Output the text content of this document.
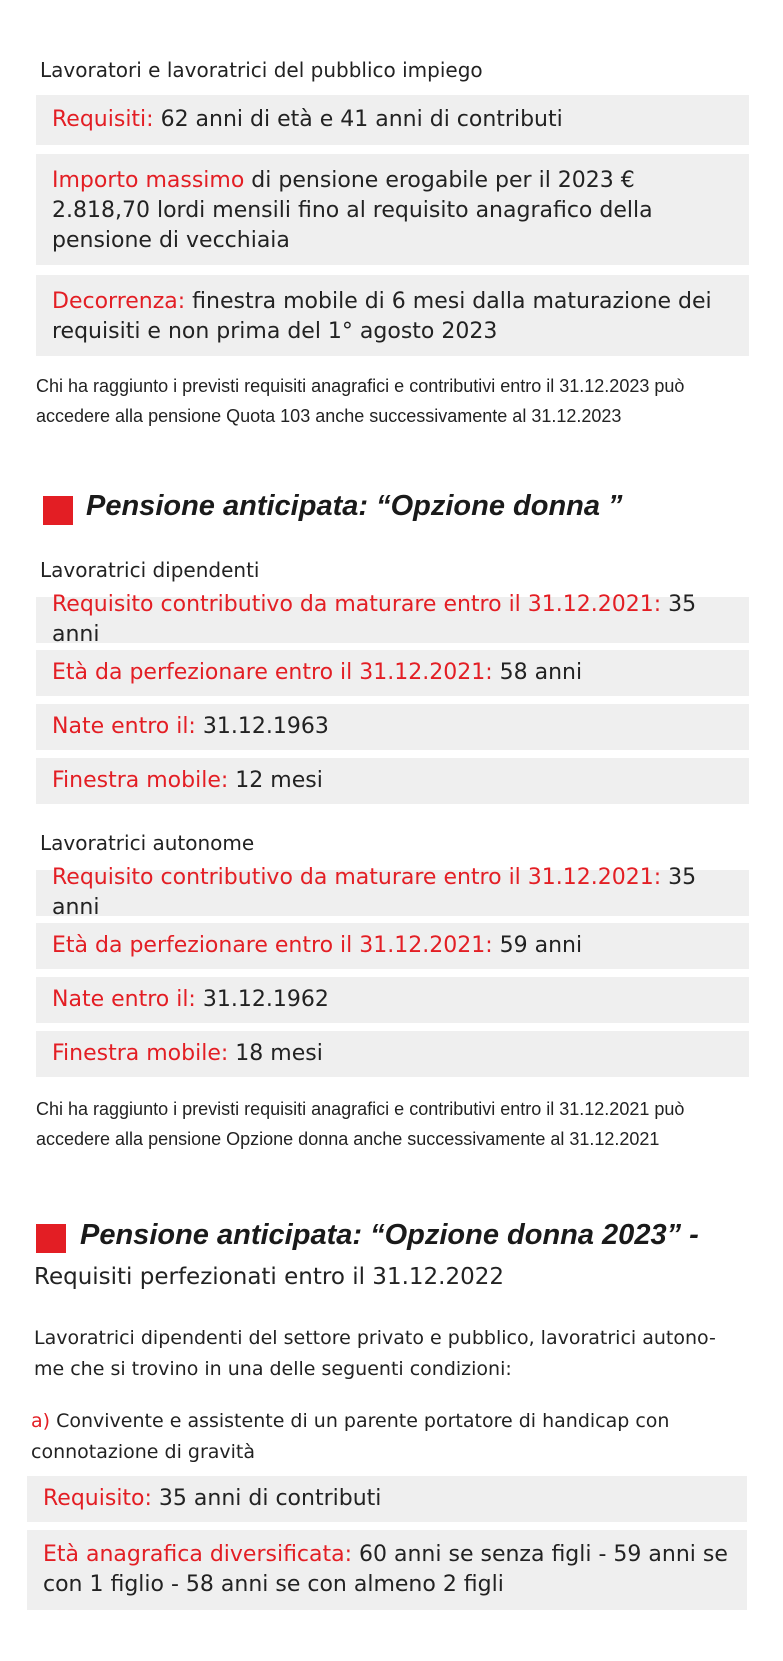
Lavoratori e lavoratrici del pubblico impiego
Requisiti: 62 anni di età e 41 anni di contributi
Importo massimo di pensione erogabile per il 2023 € 2.818,70 lordi mensili fino al requisito anagrafico della pensione di vecchiaia
Decorrenza: finestra mobile di 6 mesi dalla maturazione dei requisiti e non prima del 1° agosto 2023
Chi ha raggiunto i previsti requisiti anagrafici e contributivi entro il 31.12.2023 può accedere alla pensione Quota 103 anche successivamente al 31.12.2023
Pensione anticipata: “Opzione donna ”
Lavoratrici dipendenti
Requisito contributivo da maturare entro il 31.12.2021: 35 anni
Età da perfezionare entro il 31.12.2021: 58 anni
Nate entro il: 31.12.1963
Finestra mobile: 12 mesi
Lavoratrici autonome
Requisito contributivo da maturare entro il 31.12.2021: 35 anni
Età da perfezionare entro il 31.12.2021: 59 anni
Nate entro il: 31.12.1962
Finestra mobile: 18 mesi
Chi ha raggiunto i previsti requisiti anagrafici e contributivi entro il 31.12.2021 può accedere alla pensione Opzione donna anche successivamente al 31.12.2021
Pensione anticipata: “Opzione donna 2023” -
Requisiti perfezionati entro il 31.12.2022
Lavoratrici dipendenti del settore privato e pubblico, lavoratrici autono-
me che si trovino in una delle seguenti condizioni:
a) Convivente e assistente di un parente portatore di handicap con
connotazione di gravità
Requisito: 35 anni di contributi
Età anagrafica diversificata: 60 anni se senza figli - 59 anni se con 1 figlio - 58 anni se con almeno 2 figli
